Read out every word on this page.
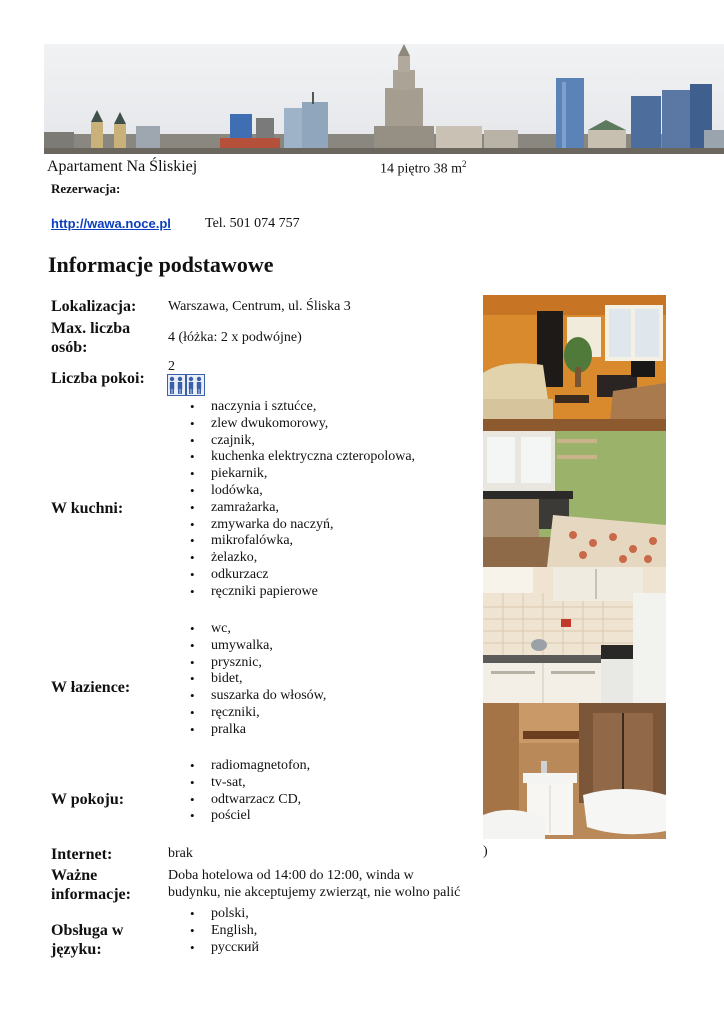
Apartament Na Śliskiej	14 piętro 38 $m^2$
Rezerwacja:
http://wawa.noce.pl Tel. 501 074 757
Informacje podstawowe
Lokalizacja: Warszawa, Centrum, ul. Śliska 3
Max. liczba
osób:
4 (łóżka: 2 x podwójne)
Liczba pokoi:
2
W kuchni:
• naczynia i sztućce,
• zlew dwukomorowy,
• czajnik,
• kuchenka elektryczna czteropolowa,
• piekarnik,
• lodówka,
• zamrażarka,
• zmywarka do naczyń,
• mikrofalówka,
• żelazko,
• odkurzacz
• ręczniki papierowe
W łazience:
• wc,
• umywalka,
• prysznic,
• bidet,
• suszarka do włosów,
• ręczniki,
• pralka
W pokoju:
• radiomagnetofon,
• tv-sat,
• odtwarzacz CD,
• pościel
Internet:	brak
Ważne
informacje:
Doba hotelowa od 14:00 do 12:00, winda w
budynku, nie akceptujemy zwierząt, nie wolno palić
Obsługa w
języku:
• polski,
• English,
• русский
)
